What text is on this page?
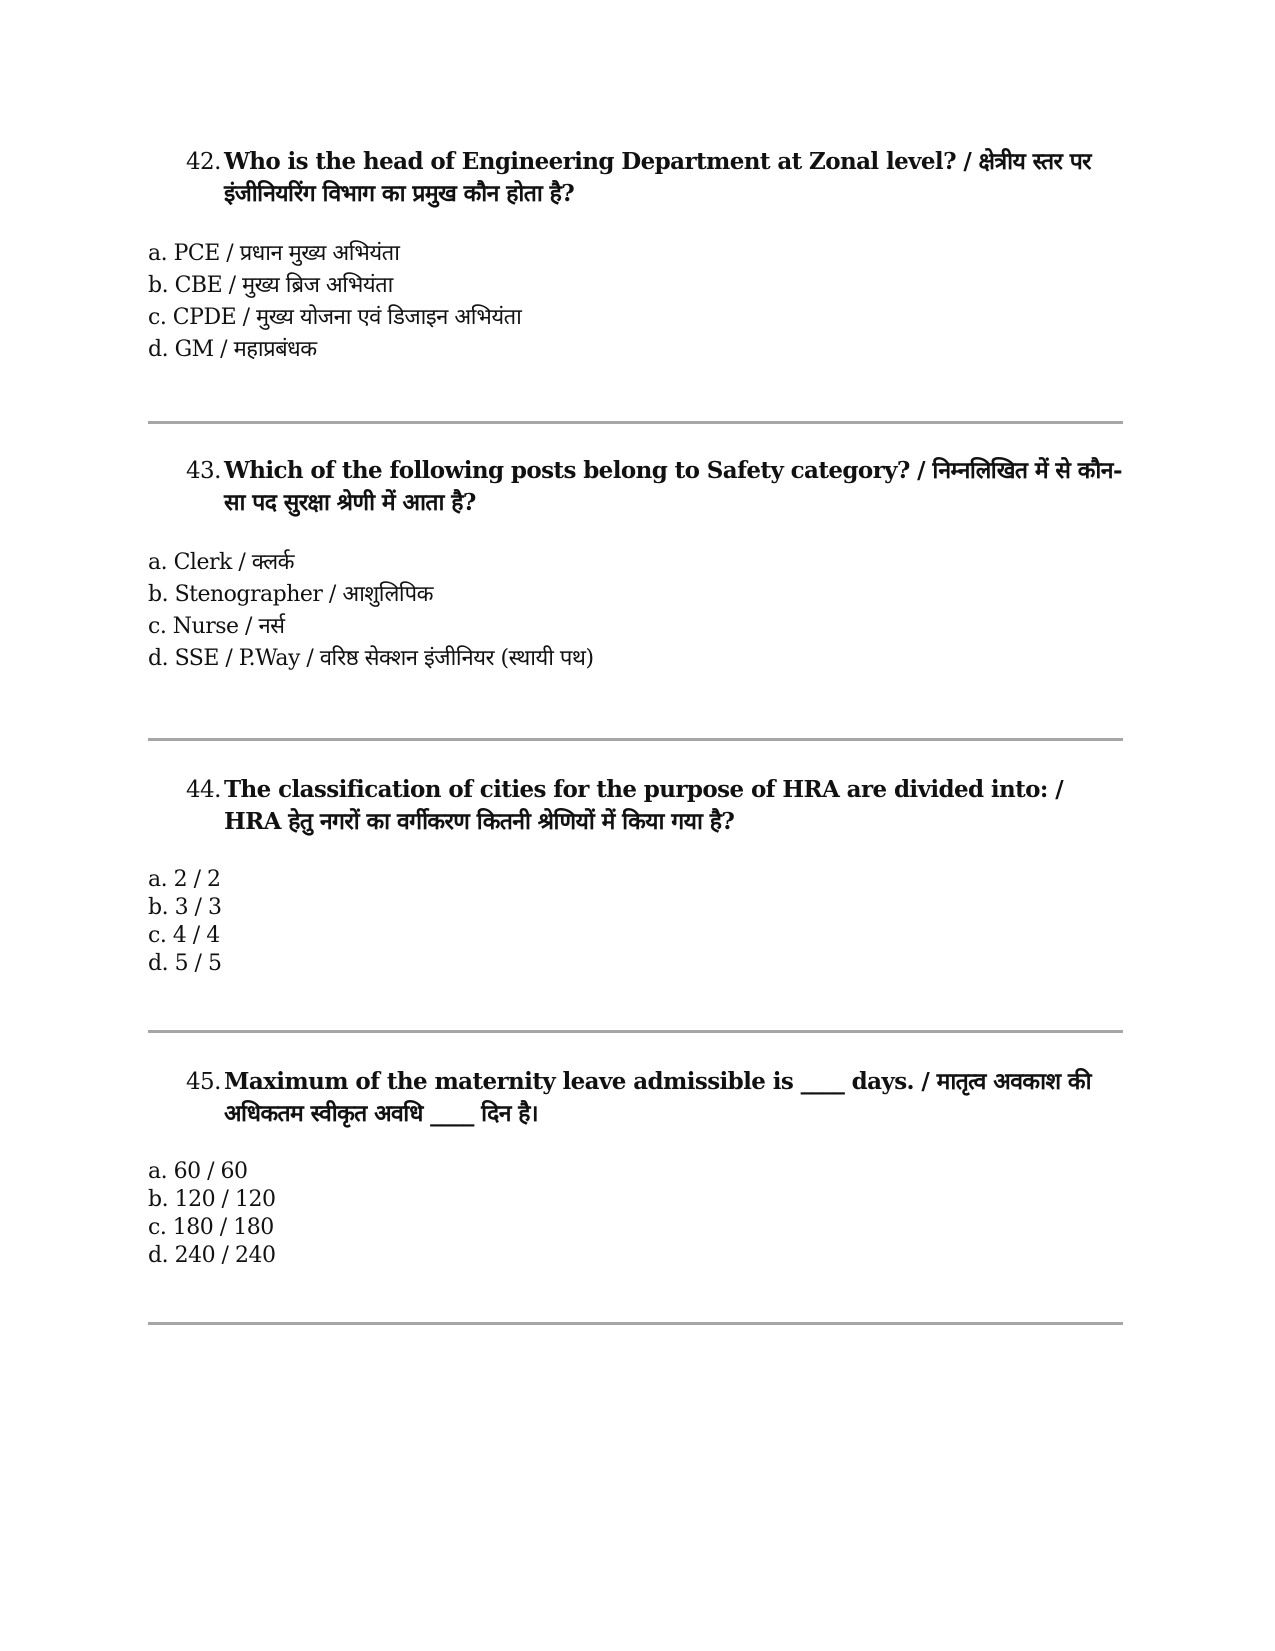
42. Who is the head of Engineering Department at Zonal level? / क्षेत्रीय स्तर पर इंजीनियरिंग विभाग का प्रमुख कौन होता है?
a. PCE / प्रधान मुख्य अभियंता
b. CBE / मुख्य ब्रिज अभियंता
c. CPDE / मुख्य योजना एवं डिजाइन अभियंता
d. GM / महाप्रबंधक
43. Which of the following posts belong to Safety category? / निम्नलिखित में से कौन-सा पद सुरक्षा श्रेणी में आता है?
a. Clerk / क्लर्क
b. Stenographer / आशुलिपिक
c. Nurse / नर्स
d. SSE / P.Way / वरिष्ठ सेक्शन इंजीनियर (स्थायी पथ)
44. The classification of cities for the purpose of HRA are divided into: / HRA हेतु नगरों का वर्गीकरण कितनी श्रेणियों में किया गया है?
a. 2 / 2
b. 3 / 3
c. 4 / 4
d. 5 / 5
45. Maximum of the maternity leave admissible is ____ days. / मातृत्व अवकाश की अधिकतम स्वीकृत अवधि ____ दिन है।
a. 60 / 60
b. 120 / 120
c. 180 / 180
d. 240 / 240
